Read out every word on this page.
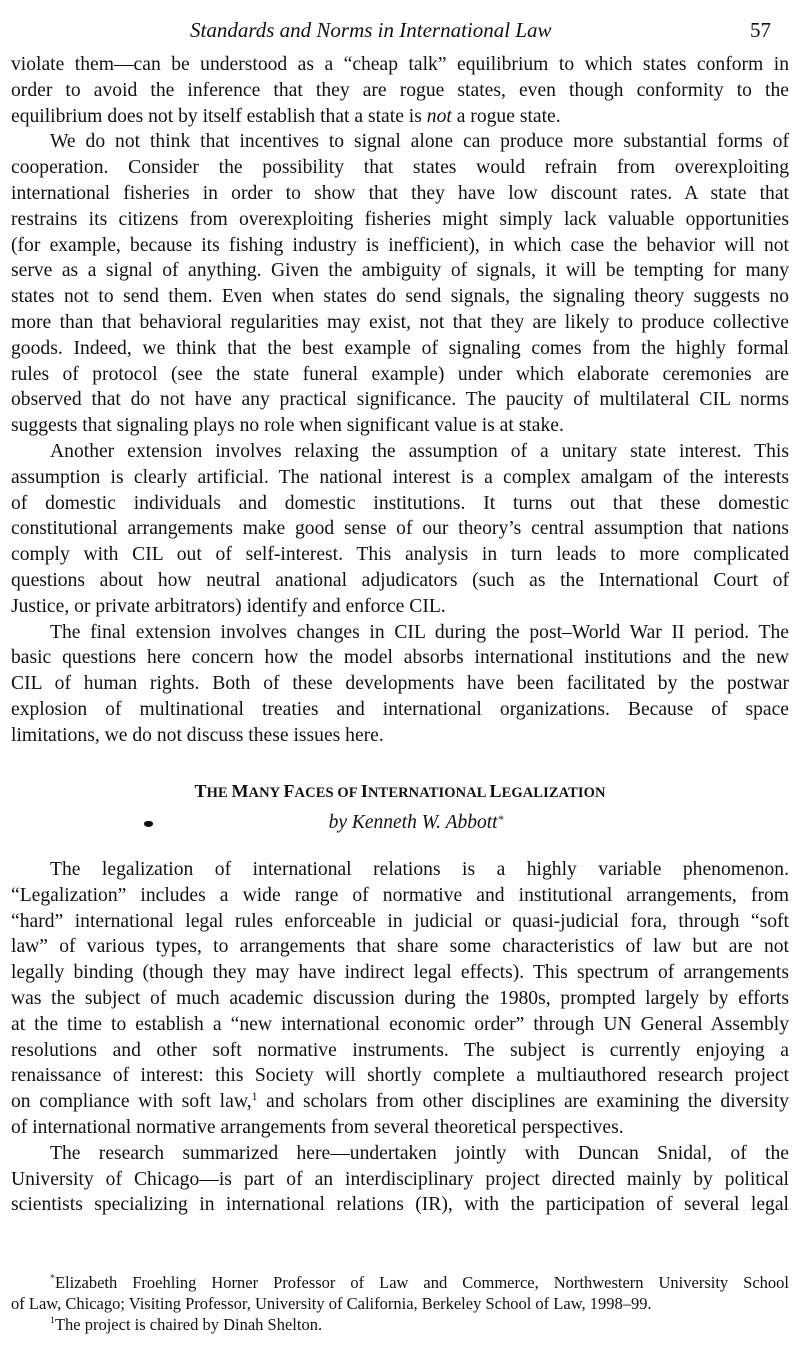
Standards and Norms in International Law	57
violate them—can be understood as a “cheap talk” equilibrium to which states conform in
order to avoid the inference that they are rogue states, even though conformity to the
equilibrium does not by itself establish that a state is not a rogue state.
We do not think that incentives to signal alone can produce more substantial forms of
cooperation. Consider the possibility that states would refrain from overexploiting
international fisheries in order to show that they have low discount rates. A state that
restrains its citizens from overexploiting fisheries might simply lack valuable opportunities
(for example, because its fishing industry is inefficient), in which case the behavior will not
serve as a signal of anything. Given the ambiguity of signals, it will be tempting for many
states not to send them. Even when states do send signals, the signaling theory suggests no
more than that behavioral regularities may exist, not that they are likely to produce collective
goods. Indeed, we think that the best example of signaling comes from the highly formal
rules of protocol (see the state funeral example) under which elaborate ceremonies are
observed that do not have any practical significance. The paucity of multilateral CIL norms
suggests that signaling plays no role when significant value is at stake.
Another extension involves relaxing the assumption of a unitary state interest. This
assumption is clearly artificial. The national interest is a complex amalgam of the interests
of domestic individuals and domestic institutions. It turns out that these domestic
constitutional arrangements make good sense of our theory’s central assumption that nations
comply with CIL out of self-interest. This analysis in turn leads to more complicated
questions about how neutral anational adjudicators (such as the International Court of
Justice, or private arbitrators) identify and enforce CIL.
The final extension involves changes in CIL during the post–World War II period. The
basic questions here concern how the model absorbs international institutions and the new
CIL of human rights. Both of these developments have been facilitated by the postwar
explosion of multinational treaties and international organizations. Because of space
limitations, we do not discuss these issues here.
THE MANY FACES OF INTERNATIONAL LEGALIZATION
by Kenneth W. Abbott*
The legalization of international relations is a highly variable phenomenon.
“Legalization” includes a wide range of normative and institutional arrangements, from
“hard” international legal rules enforceable in judicial or quasi-judicial fora, through “soft
law” of various types, to arrangements that share some characteristics of law but are not
legally binding (though they may have indirect legal effects). This spectrum of arrangements
was the subject of much academic discussion during the 1980s, prompted largely by efforts
at the time to establish a “new international economic order” through UN General Assembly
resolutions and other soft normative instruments. The subject is currently enjoying a
renaissance of interest: this Society will shortly complete a multiauthored research project
on compliance with soft law,$^1$ and scholars from other disciplines are examining the diversity
of international normative arrangements from several theoretical perspectives.
The research summarized here—undertaken jointly with Duncan Snidal, of the
University of Chicago—is part of an interdisciplinary project directed mainly by political
scientists specializing in international relations (IR), with the participation of several legal
*Elizabeth Froehling Horner Professor of Law and Commerce, Northwestern University School
of Law, Chicago; Visiting Professor, University of California, Berkeley School of Law, 1998–99.
$^1$The project is chaired by Dinah Shelton.
